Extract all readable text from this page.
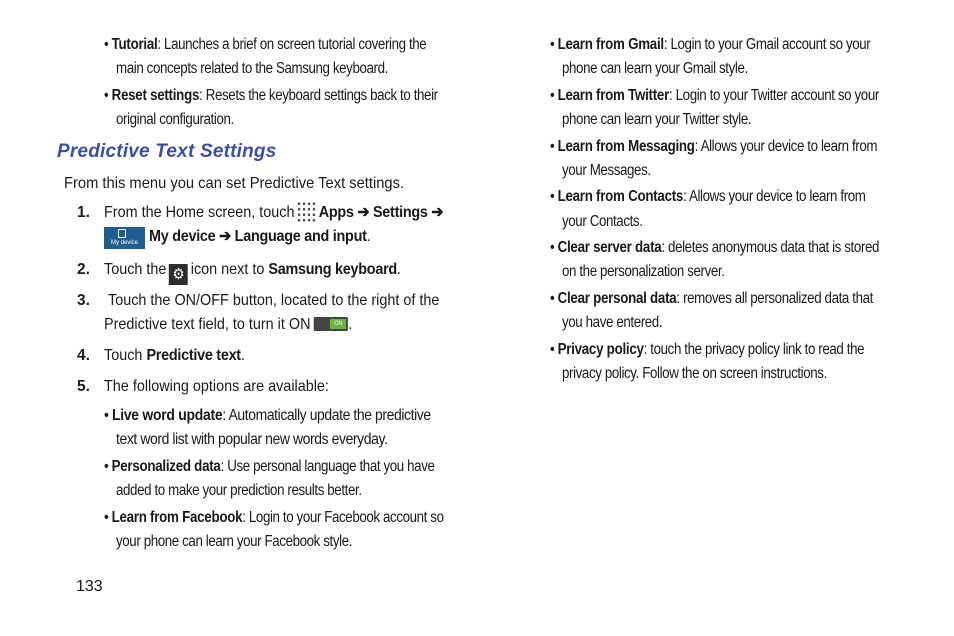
• Tutorial: Launches a brief on screen tutorial covering the
main concepts related to the Samsung keyboard.
• Reset settings: Resets the keyboard settings back to their
original configuration.
Predictive Text Settings
From this menu you can set Predictive Text settings.
1. From the Home screen, touch Apps ➔ Settings ➔
My device My device ➔ Language and input.
2. Touch the ⚙ icon next to Samsung keyboard.
3. Touch the ON/OFF button, located to the right of the
Predictive text field, to turn it ON	ON .
4. Touch Predictive text.
5. The following options are available:
• Live word update: Automatically update the predictive
text word list with popular new words everyday.
• Personalized data: Use personal language that you have
added to make your prediction results better.
• Learn from Facebook: Login to your Facebook account so
your phone can learn your Facebook style.
• Learn from Gmail: Login to your Gmail account so your
phone can learn your Gmail style.
• Learn from Twitter: Login to your Twitter account so your
phone can learn your Twitter style.
• Learn from Messaging: Allows your device to learn from
your Messages.
• Learn from Contacts: Allows your device to learn from
your Contacts.
• Clear server data: deletes anonymous data that is stored
on the personalization server.
• Clear personal data: removes all personalized data that
you have entered.
• Privacy policy: touch the privacy policy link to read the
privacy policy. Follow the on screen instructions.
133
